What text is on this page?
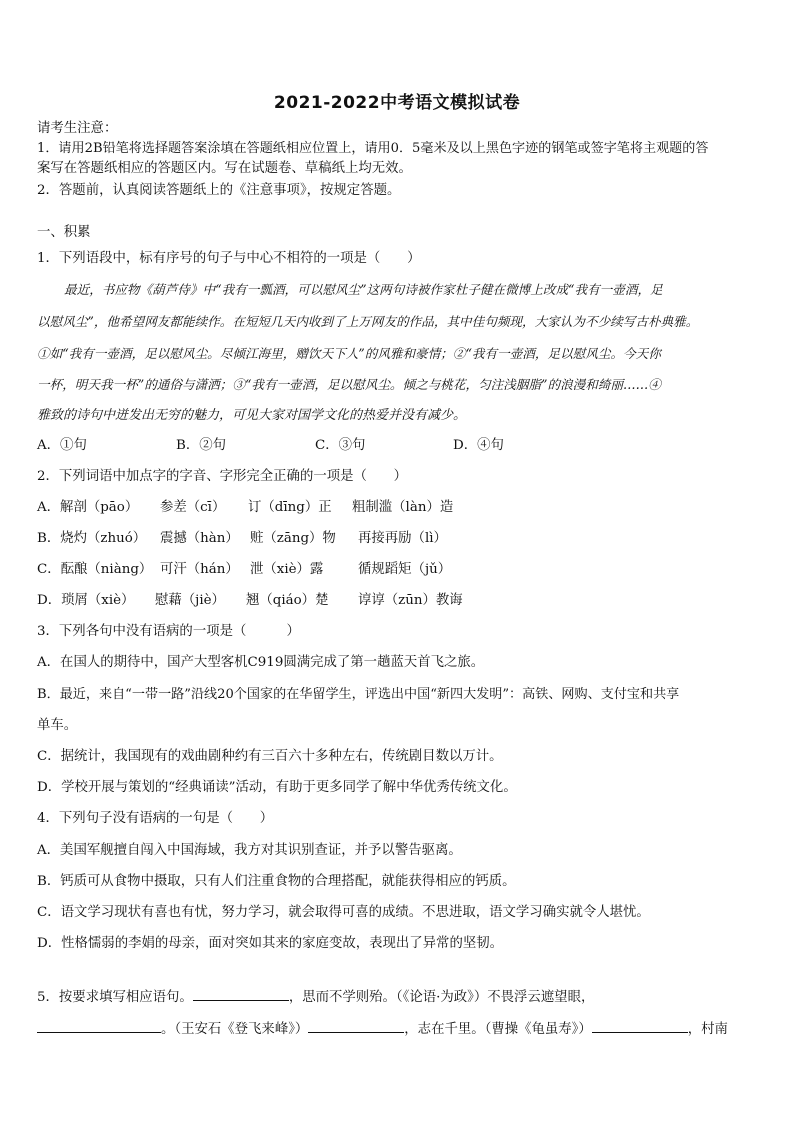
2021-2022中考语文模拟试卷
请考生注意：
1．请用2B铅笔将选择题答案涂填在答题纸相应位置上，请用0．5毫米及以上黑色字迹的钢笔或签字笔将主观题的答
案写在答题纸相应的答题区内。写在试题卷、草稿纸上均无效。
2．答题前，认真阅读答题纸上的《注意事项》，按规定答题。
一、积累
1．下列语段中，标有序号的句子与中心不相符的一项是（　　）
最近，书应物《葫芦侍》中“我有一瓢酒，可以慰风尘”这两句诗被作家杜子健在微博上改成“我有一壶酒，足
以慰风尘”，他希望网友都能续作。在短短几天内收到了上万网友的作品，其中佳句频现，大家认为不少续写古朴典雅。
①如“我有一壶酒，足以慰风尘。尽倾江海里，赠饮天下人”的风雅和豪情；②“我有一壶酒，足以慰风尘。今天你
一杯，明天我一杯”的通俗与潇洒；③“我有一壶酒，足以慰风尘。倾之与桃花，匀注浅胭脂”的浪漫和绮丽……④
雅致的诗句中迸发出无穷的魅力，可见大家对国学文化的热爱并没有减少。
A．①句	B．②句	C．③句	D．④句
2．下列词语中加点字的字音、字形完全正确的一项是（　　）
A．解剖（pāo） 参差（cī） 订（dīng）正 粗制滥（làn）造
B．烧灼（zhuó） 震撼（hàn） 赃（zāng）物 再接再励（lì）
C．酝酿（niàng） 可汗（hán） 泄（xiè）露	循规蹈矩（jǔ）
D．琐屑（xiè） 慰藉（jiè） 翘（qiáo）楚 谆谆（zūn）教诲
3．下列各句中没有语病的一项是（　　　）
A．在国人的期待中，国产大型客机C919圆满完成了第一趟蓝天首飞之旅。
B．最近，来自“一带一路”沿线20个国家的在华留学生，评选出中国“新四大发明”：高铁、网购、支付宝和共享
单车。
C．据统计，我国现有的戏曲剧种约有三百六十多种左右，传统剧目数以万计。
D．学校开展与策划的“经典诵读”活动，有助于更多同学了解中华优秀传统文化。
4．下列句子没有语病的一句是（　　）
A．美国军舰擅自闯入中国海域，我方对其识别查证，并予以警告驱离。
B．钙质可从食物中摄取，只有人们注重食物的合理搭配，就能获得相应的钙质。
C．语文学习现状有喜也有忧，努力学习，就会取得可喜的成绩。不思进取，语文学习确实就令人堪忧。
D．性格懦弱的李娟的母亲，面对突如其来的家庭变故，表现出了异常的坚韧。
5．按要求填写相应语句。	，思而不学则殆。（《论语·为政》）不畏浮云遮望眼，
。（王安石《登飞来峰》）	，志在千里。（曹操《龟虽寿》）	，村南
